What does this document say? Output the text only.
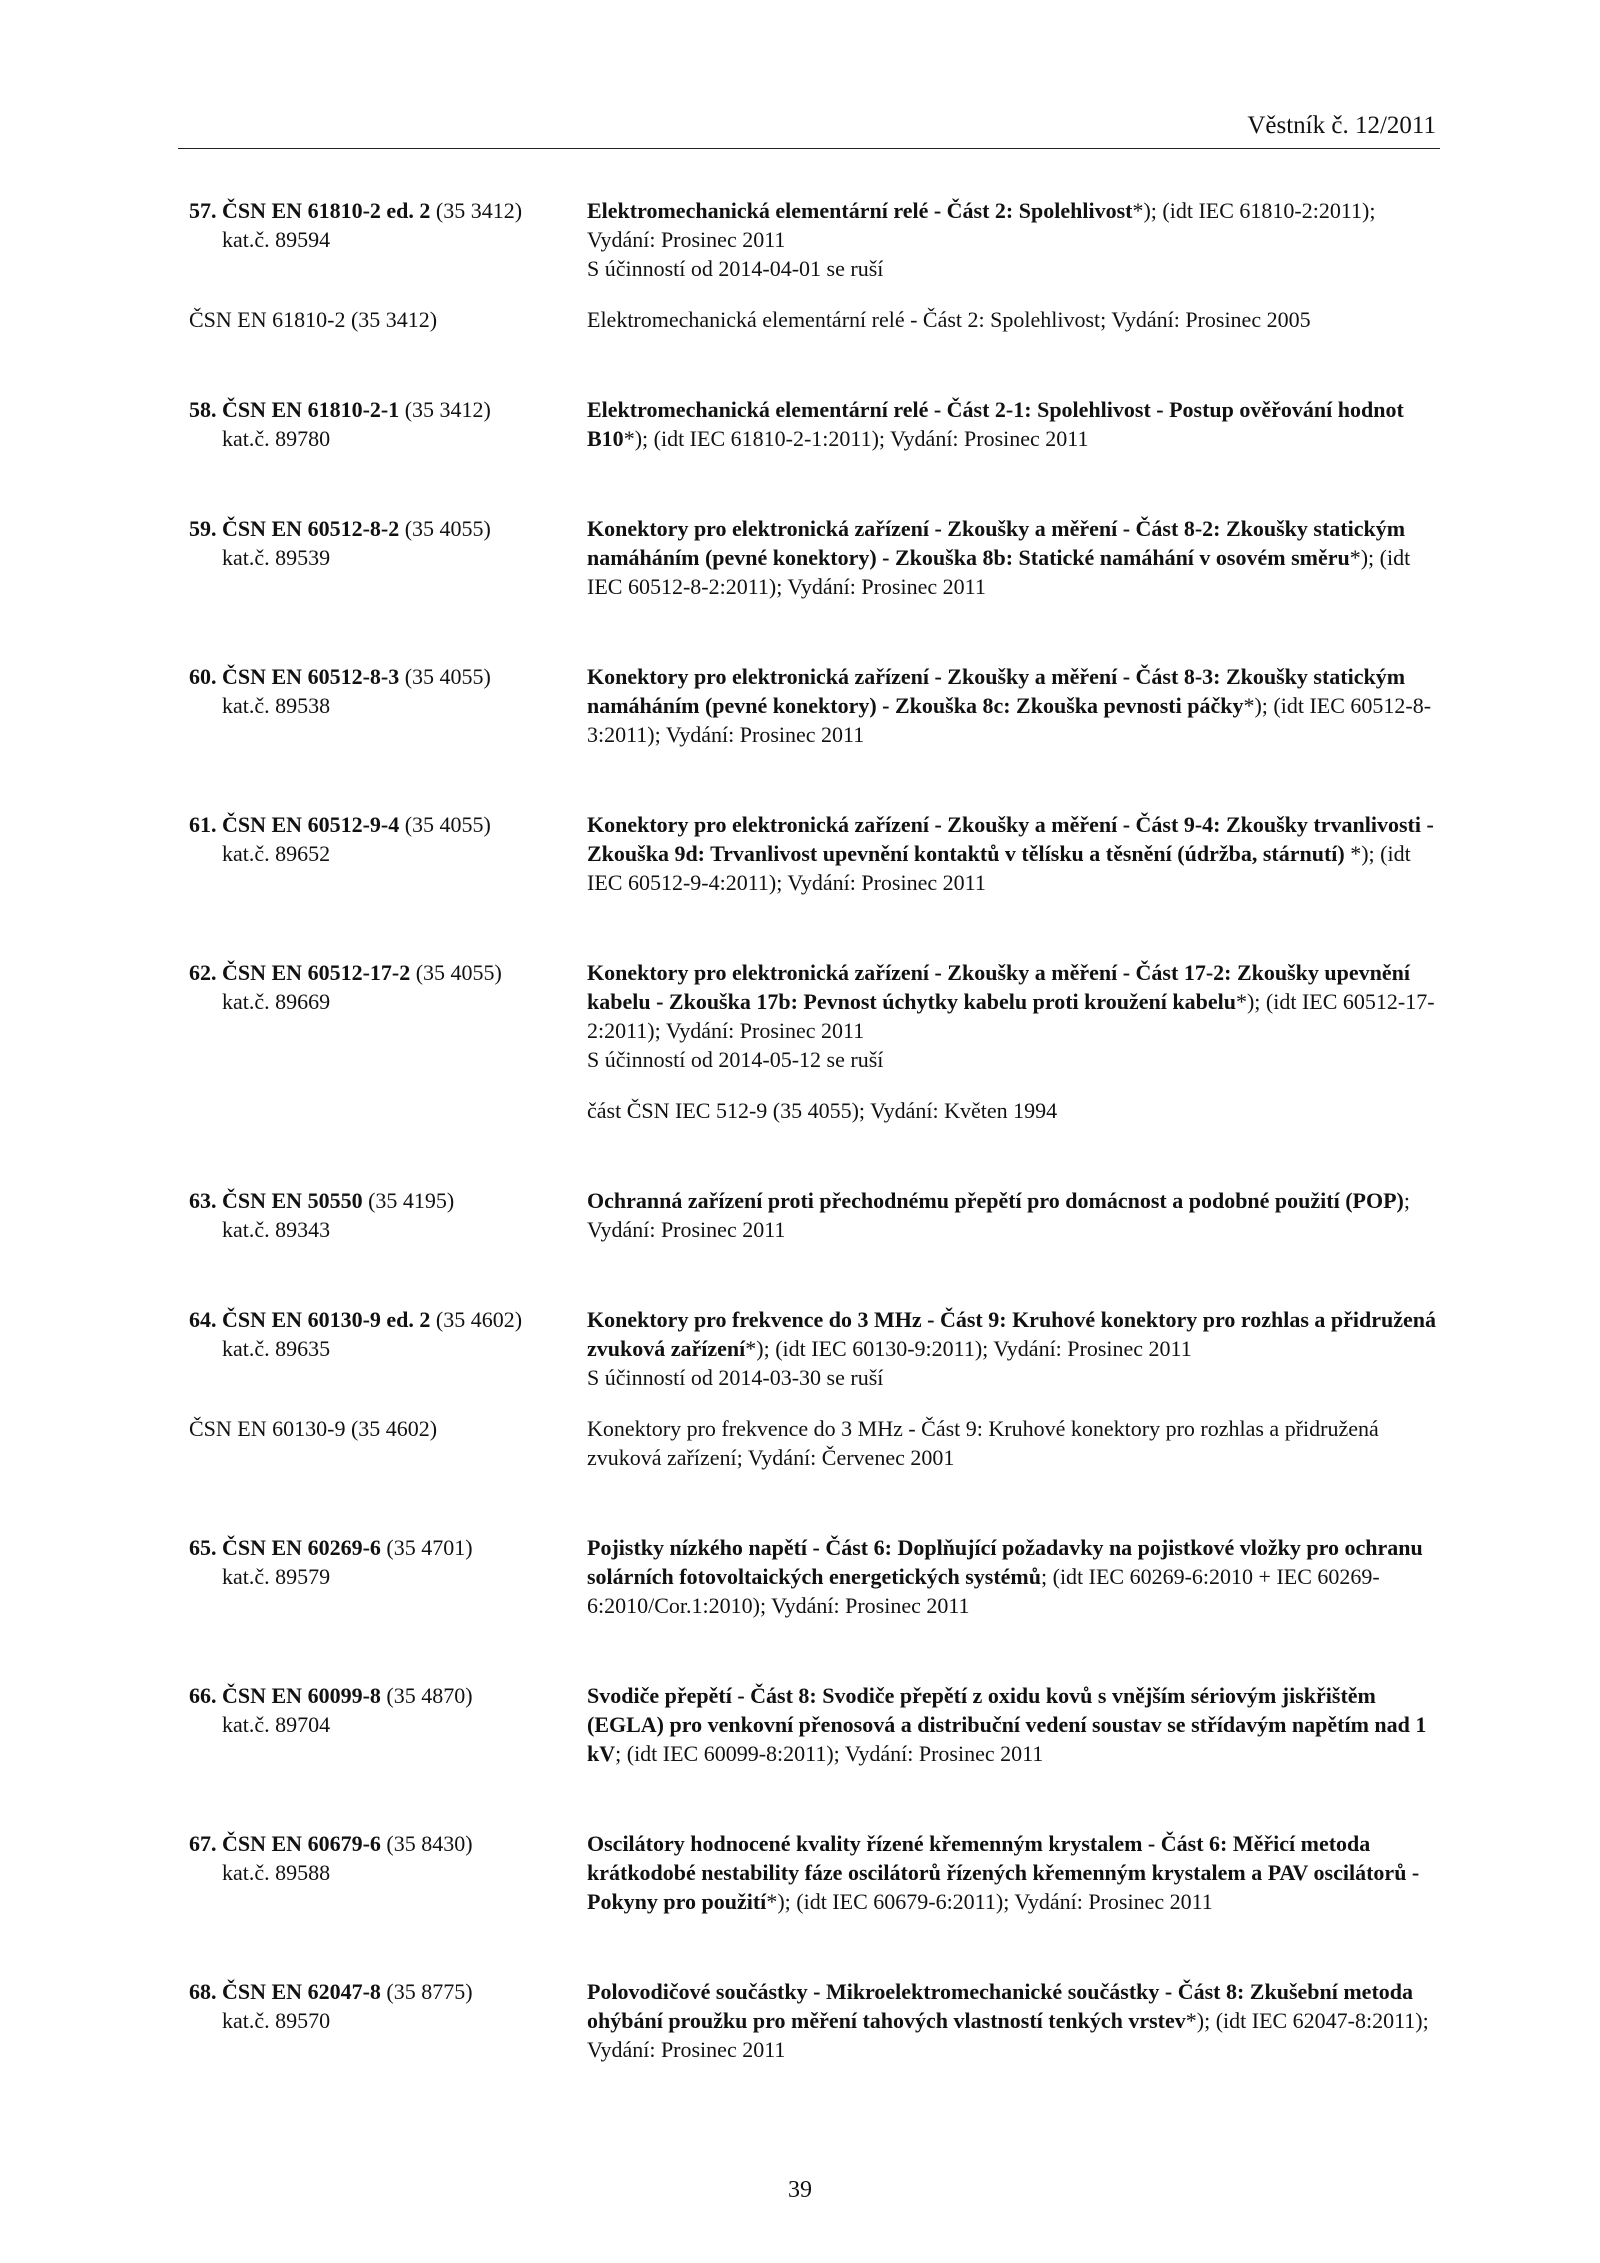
Věstník č. 12/2011
57. ČSN EN 61810-2 ed. 2 (35 3412)
kat.č. 89594
Elektromechanická elementární relé - Část 2: Spolehlivost*); (idt IEC 61810-2:2011); Vydání: Prosinec 2011
S účinností od 2014-04-01 se ruší
ČSN EN 61810-2 (35 3412)	Elektromechanická elementární relé - Část 2: Spolehlivost; Vydání: Prosinec 2005
58. ČSN EN 61810-2-1 (35 3412)
kat.č. 89780
Elektromechanická elementární relé - Část 2-1: Spolehlivost - Postup ověřování hodnot B10*); (idt IEC 61810-2-1:2011); Vydání: Prosinec 2011
59. ČSN EN 60512-8-2 (35 4055)
kat.č. 89539
Konektory pro elektronická zařízení - Zkoušky a měření - Část 8-2: Zkoušky statickým namáháním (pevné konektory) - Zkouška 8b: Statické namáhání v osovém směru*); (idt IEC 60512-8-2:2011); Vydání: Prosinec 2011
60. ČSN EN 60512-8-3 (35 4055)
kat.č. 89538
Konektory pro elektronická zařízení - Zkoušky a měření - Část 8-3: Zkoušky statickým namáháním (pevné konektory) - Zkouška 8c: Zkouška pevnosti páčky*); (idt IEC 60512-8-3:2011); Vydání: Prosinec 2011
61. ČSN EN 60512-9-4 (35 4055)
kat.č. 89652
Konektory pro elektronická zařízení - Zkoušky a měření - Část 9-4: Zkoušky trvanlivosti - Zkouška 9d: Trvanlivost upevnění kontaktů v tělísku a těsnění (údržba, stárnutí) *); (idt IEC 60512-9-4:2011); Vydání: Prosinec 2011
62. ČSN EN 60512-17-2 (35 4055)
kat.č. 89669
Konektory pro elektronická zařízení - Zkoušky a měření - Část 17-2: Zkoušky upevnění kabelu - Zkouška 17b: Pevnost úchytky kabelu proti kroužení kabelu*); (idt IEC 60512-17-2:2011); Vydání: Prosinec 2011
S účinností od 2014-05-12 se ruší
část ČSN IEC 512-9 (35 4055); Vydání: Květen 1994
63. ČSN EN 50550 (35 4195)
kat.č. 89343
Ochranná zařízení proti přechodnému přepětí pro domácnost a podobné použití (POP); Vydání: Prosinec 2011
64. ČSN EN 60130-9 ed. 2 (35 4602)
kat.č. 89635
Konektory pro frekvence do 3 MHz - Část 9: Kruhové konektory pro rozhlas a přidružená zvuková zařízení*); (idt IEC 60130-9:2011); Vydání: Prosinec 2011
S účinností od 2014-03-30 se ruší
ČSN EN 60130-9 (35 4602)	Konektory pro frekvence do 3 MHz - Část 9: Kruhové konektory pro rozhlas a přidružená zvuková zařízení; Vydání: Červenec 2001
65. ČSN EN 60269-6 (35 4701)
kat.č. 89579
Pojistky nízkého napětí - Část 6: Doplňující požadavky na pojistkové vložky pro ochranu solárních fotovoltaických energetických systémů; (idt IEC 60269-6:2010 + IEC 60269-6:2010/Cor.1:2010); Vydání: Prosinec 2011
66. ČSN EN 60099-8 (35 4870)
kat.č. 89704
Svodiče přepětí - Část 8: Svodiče přepětí z oxidu kovů s vnějším sériovým jiskřištěm (EGLA) pro venkovní přenosová a distribuční vedení soustav se střídavým napětím nad 1 kV; (idt IEC 60099-8:2011); Vydání: Prosinec 2011
67. ČSN EN 60679-6 (35 8430)
kat.č. 89588
Oscilátory hodnocené kvality řízené křemenným krystalem - Část 6: Měřicí metoda krátkodobé nestability fáze oscilátorů řízených křemenným krystalem a PAV oscilátorů - Pokyny pro použití*); (idt IEC 60679-6:2011); Vydání: Prosinec 2011
68. ČSN EN 62047-8 (35 8775)
kat.č. 89570
Polovodičové součástky - Mikroelektromechanické součástky - Část 8: Zkušební metoda ohýbání proužku pro měření tahových vlastností tenkých vrstev*); (idt IEC 62047-8:2011); Vydání: Prosinec 2011
39
